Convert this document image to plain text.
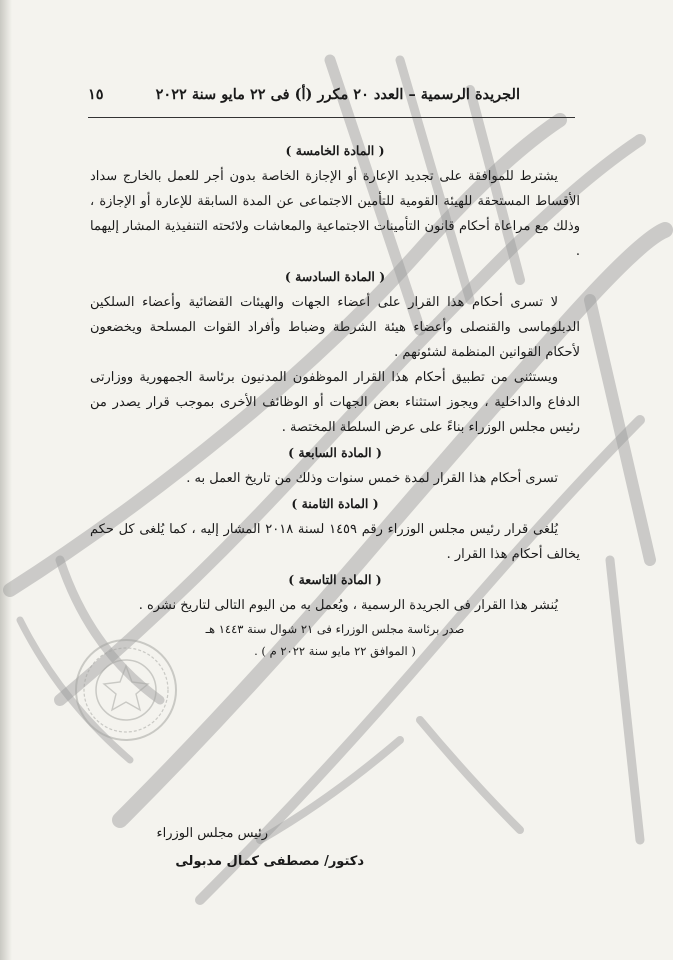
الجريدة الرسمية – العدد ٢٠ مكرر (أ) فى ٢٢ مايو سنة ٢٠٢٢
١٥

( المادة الخامسة )

يشترط للموافقة على تجديد الإعارة أو الإجازة الخاصة بدون أجر للعمل بالخارج سداد الأقساط المستحقة للهيئة القومية للتأمين الاجتماعى عن المدة السابقة للإعارة أو الإجازة ، وذلك مع مراعاة أحكام قانون التأمينات الاجتماعية والمعاشات ولائحته التنفيذية المشار إليهما .

( المادة السادسة )

لا تسرى أحكام هذا القرار على أعضاء الجهات والهيئات القضائية وأعضاء السلكين الدبلوماسى والقنصلى وأعضاء هيئة الشرطة وضباط وأفراد القوات المسلحة ويخضعون لأحكام القوانين المنظمة لشئونهم .

ويستثنى من تطبيق أحكام هذا القرار الموظفون المدنيون برئاسة الجمهورية ووزارتى الدفاع والداخلية ، ويجوز استثناء بعض الجهات أو الوظائف الأخرى بموجب قرار يصدر من رئيس مجلس الوزراء بناءً على عرض السلطة المختصة .

( المادة السابعة )

تسرى أحكام هذا القرار لمدة خمس سنوات وذلك من تاريخ العمل به .

( المادة الثامنة )

يُلغى قرار رئيس مجلس الوزراء رقم ١٤٥٩ لسنة ٢٠١٨ المشار إليه ، كما يُلغى كل حكم يخالف أحكام هذا القرار .

( المادة التاسعة )

يُنشر هذا القرار فى الجريدة الرسمية ، ويُعمل به من اليوم التالى لتاريخ نشره .

صدر برئاسة مجلس الوزراء فى ٢١ شوال سنة ١٤٤٣ هـ

( الموافق ٢٢ مايو سنة ٢٠٢٢ م ) .

رئيس مجلس الوزراء
دكتور/ مصطفى كمال مدبولى
